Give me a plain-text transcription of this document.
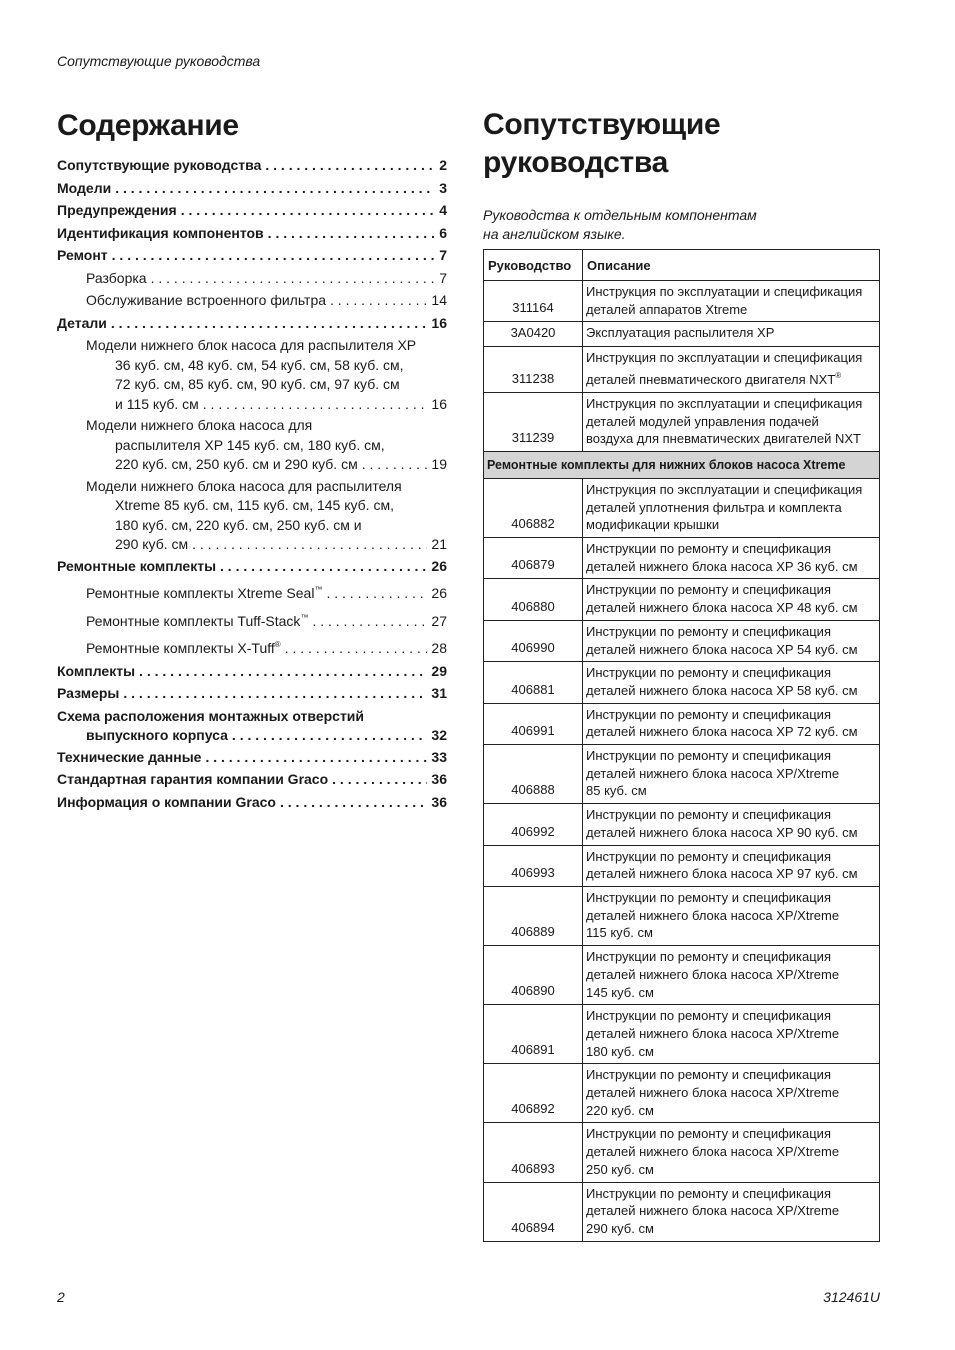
Сопутствующие руководства
Содержание
Сопутствующие руководства . . .	2
Модели . . .	3
Предупреждения . . .	4
Идентификация компонентов . . .	6
Ремонт . . .	7
Разборка . . .	7
Обслуживание встроенного фильтра . . .	14
Детали . . .	16
Модели нижнего блок насоса для распылителя XP
36 куб. см, 48 куб. см, 54 куб. см, 58 куб. см,
72 куб. см, 85 куб. см, 90 куб. см, 97 куб. см
и 115 куб. см . . .	16
Модели нижнего блока насоса для
распылителя XP 145 куб. см, 180 куб. см,
220 куб. см, 250 куб. см и 290 куб. см . . .	19
Модели нижнего блока насоса для распылителя
Xtreme 85 куб. см, 115 куб. см, 145 куб. см,
180 куб. см, 220 куб. см, 250 куб. см и
290 куб. см . . .	21
Ремонтные комплекты . . .	26
Ремонтные комплекты Xtreme Seal™ . . .	26
Ремонтные комплекты Tuff-Stack™ . . .	27
Ремонтные комплекты X-Tuff® . . .	28
Комплекты . . .	29
Размеры . . .	31
Схема расположения монтажных отверстий
выпускного корпуса . . .	32
Технические данные . . .	33
Стандартная гарантия компании Graco . . .	36
Информация о компании Graco . . .	36
Сопутствующие
руководства

Руководства к отдельным компонентам
на английском языке.

Руководство	Описание
311164	Инструкция по эксплуатации и спецификация
деталей аппаратов Xtreme
3A0420	Эксплуатация распылителя XP
311238	Инструкция по эксплуатации и спецификация
деталей пневматического двигателя NXT®
311239	Инструкция по эксплуатации и спецификация
деталей модулей управления подачей
воздуха для пневматических двигателей NXT
Ремонтные комплекты для нижних блоков насоса Xtreme	
406882	Инструкция по эксплуатации и спецификация
деталей уплотнения фильтра и комплекта
модификации крышки
406879	Инструкции по ремонту и спецификация
деталей нижнего блока насоса XP 36 куб. см
406880	Инструкции по ремонту и спецификация
деталей нижнего блока насоса XP 48 куб. см
406990	Инструкции по ремонту и спецификация
деталей нижнего блока насоса XP 54 куб. см
406881	Инструкции по ремонту и спецификация
деталей нижнего блока насоса XP 58 куб. см
406991	Инструкции по ремонту и спецификация
деталей нижнего блока насоса XP 72 куб. см
406888	Инструкции по ремонту и спецификация
деталей нижнего блока насоса XP/Xtreme
85 куб. см
406992	Инструкции по ремонту и спецификация
деталей нижнего блока насоса XP 90 куб. см
406993	Инструкции по ремонту и спецификация
деталей нижнего блока насоса XP 97 куб. см
406889	Инструкции по ремонту и спецификация
деталей нижнего блока насоса XP/Xtreme
115 куб. см
406890	Инструкции по ремонту и спецификация
деталей нижнего блока насоса XP/Xtreme
145 куб. см
406891	Инструкции по ремонту и спецификация
деталей нижнего блока насоса XP/Xtreme
180 куб. см
406892	Инструкции по ремонту и спецификация
деталей нижнего блока насоса XP/Xtreme
220 куб. см
406893	Инструкции по ремонту и спецификация
деталей нижнего блока насоса XP/Xtreme
250 куб. см
406894	Инструкции по ремонту и спецификация
деталей нижнего блока насоса XP/Xtreme
290 куб. см
2	312461U
